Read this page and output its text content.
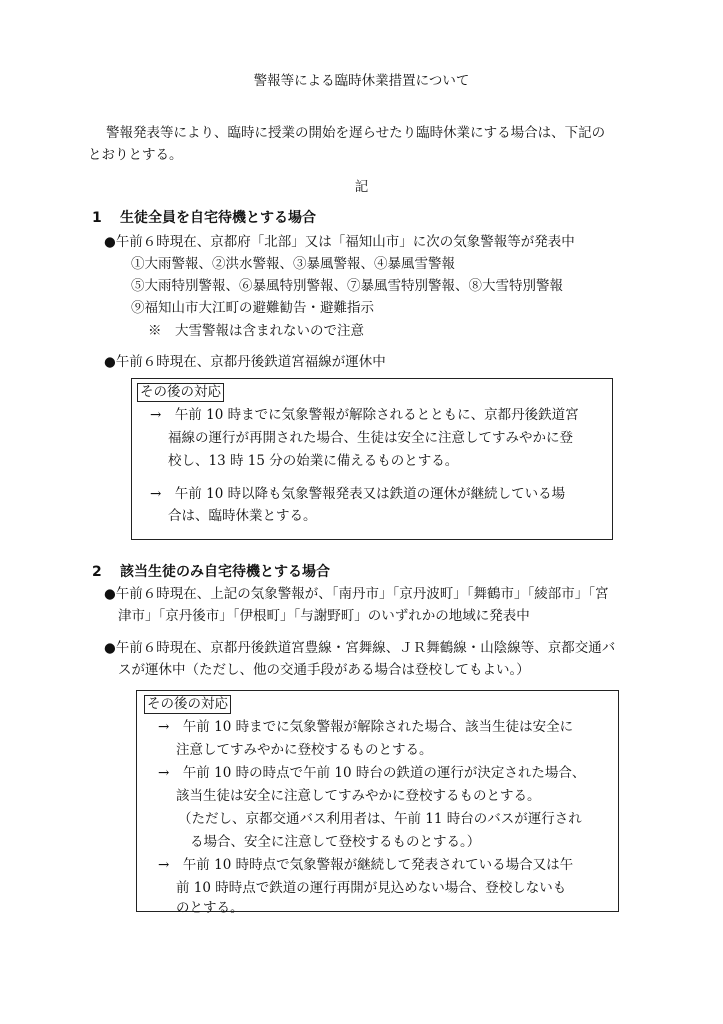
警報等による臨時休業措置について
警報発表等により、臨時に授業の開始を遅らせたり臨時休業にする場合は、下記の
とおりとする。
記
1 生徒全員を自宅待機とする場合
●午前６時現在、京都府「北部」又は「福知山市」に次の気象警報等が発表中
①大雨警報、②洪水警報、③暴風警報、④暴風雪警報
⑤大雨特別警報、⑥暴風特別警報、⑦暴風雪特別警報、⑧大雪特別警報
⑨福知山市大江町の避難勧告・避難指示
※　大雪警報は含まれないので注意
●午前６時現在、京都丹後鉄道宮福線が運休中
その後の対応
→　午前 10 時までに気象警報が解除されるとともに、京都丹後鉄道宮
福線の運行が再開された場合、生徒は安全に注意してすみやかに登
校し、13 時 15 分の始業に備えるものとする。
→　午前 10 時以降も気象警報発表又は鉄道の運休が継続している場
合は、臨時休業とする。
2 該当生徒のみ自宅待機とする場合
●午前６時現在、上記の気象警報が、「南丹市」「京丹波町」「舞鶴市」「綾部市」「宮
津市」「京丹後市」「伊根町」「与謝野町」のいずれかの地域に発表中
●午前６時現在、京都丹後鉄道宮豊線・宮舞線、ＪＲ舞鶴線・山陰線等、京都交通バ
スが運休中（ただし、他の交通手段がある場合は登校してもよい。）
その後の対応
→　午前 10 時までに気象警報が解除された場合、該当生徒は安全に
注意してすみやかに登校するものとする。
→　午前 10 時の時点で午前 10 時台の鉄道の運行が決定された場合、
該当生徒は安全に注意してすみやかに登校するものとする。
（ただし、京都交通バス利用者は、午前 11 時台のバスが運行され
る場合、安全に注意して登校するものとする。）
→　午前 10 時時点で気象警報が継続して発表されている場合又は午
前 10 時時点で鉄道の運行再開が見込めない場合、登校しないも
のとする。
